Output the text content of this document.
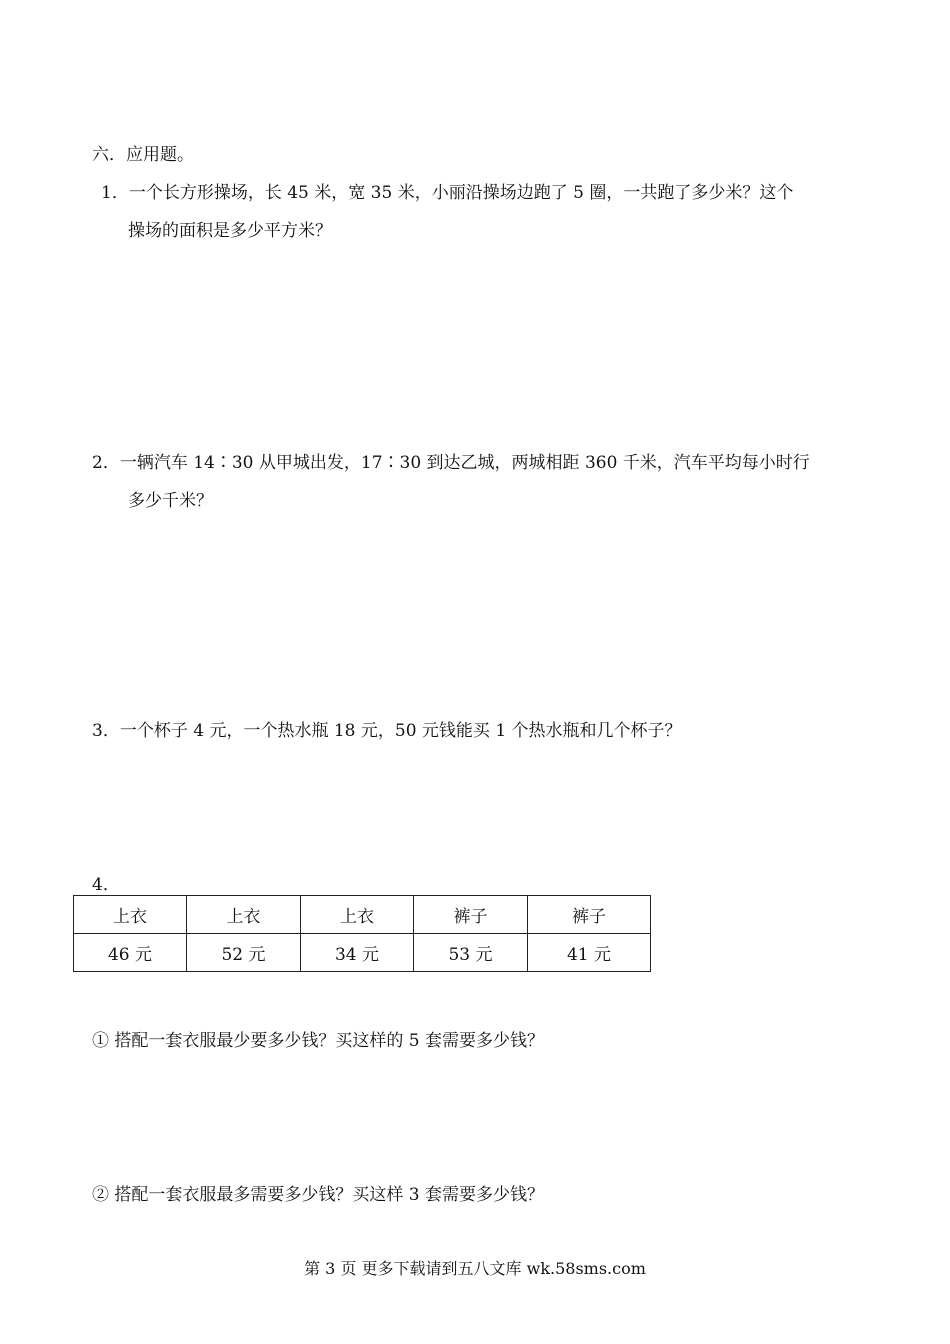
六．应用题。
1．一个长方形操场，长 45 米，宽 35 米，小丽沿操场边跑了 5 圈，一共跑了多少米？这个
操场的面积是多少平方米？
2．一辆汽车 14∶30 从甲城出发，17∶30 到达乙城，两城相距 360 千米，汽车平均每小时行
多少千米？
3．一个杯子 4 元，一个热水瓶 18 元，50 元钱能买 1 个热水瓶和几个杯子？
4．
上衣	上衣	上衣	裤子	裤子
46 元	52 元	34 元	53 元	41 元
① 搭配一套衣服最少要多少钱？买这样的 5 套需要多少钱？
② 搭配一套衣服最多需要多少钱？买这样 3 套需要多少钱？
第 3 页 更多下载请到五八文库 wk.58sms.com
